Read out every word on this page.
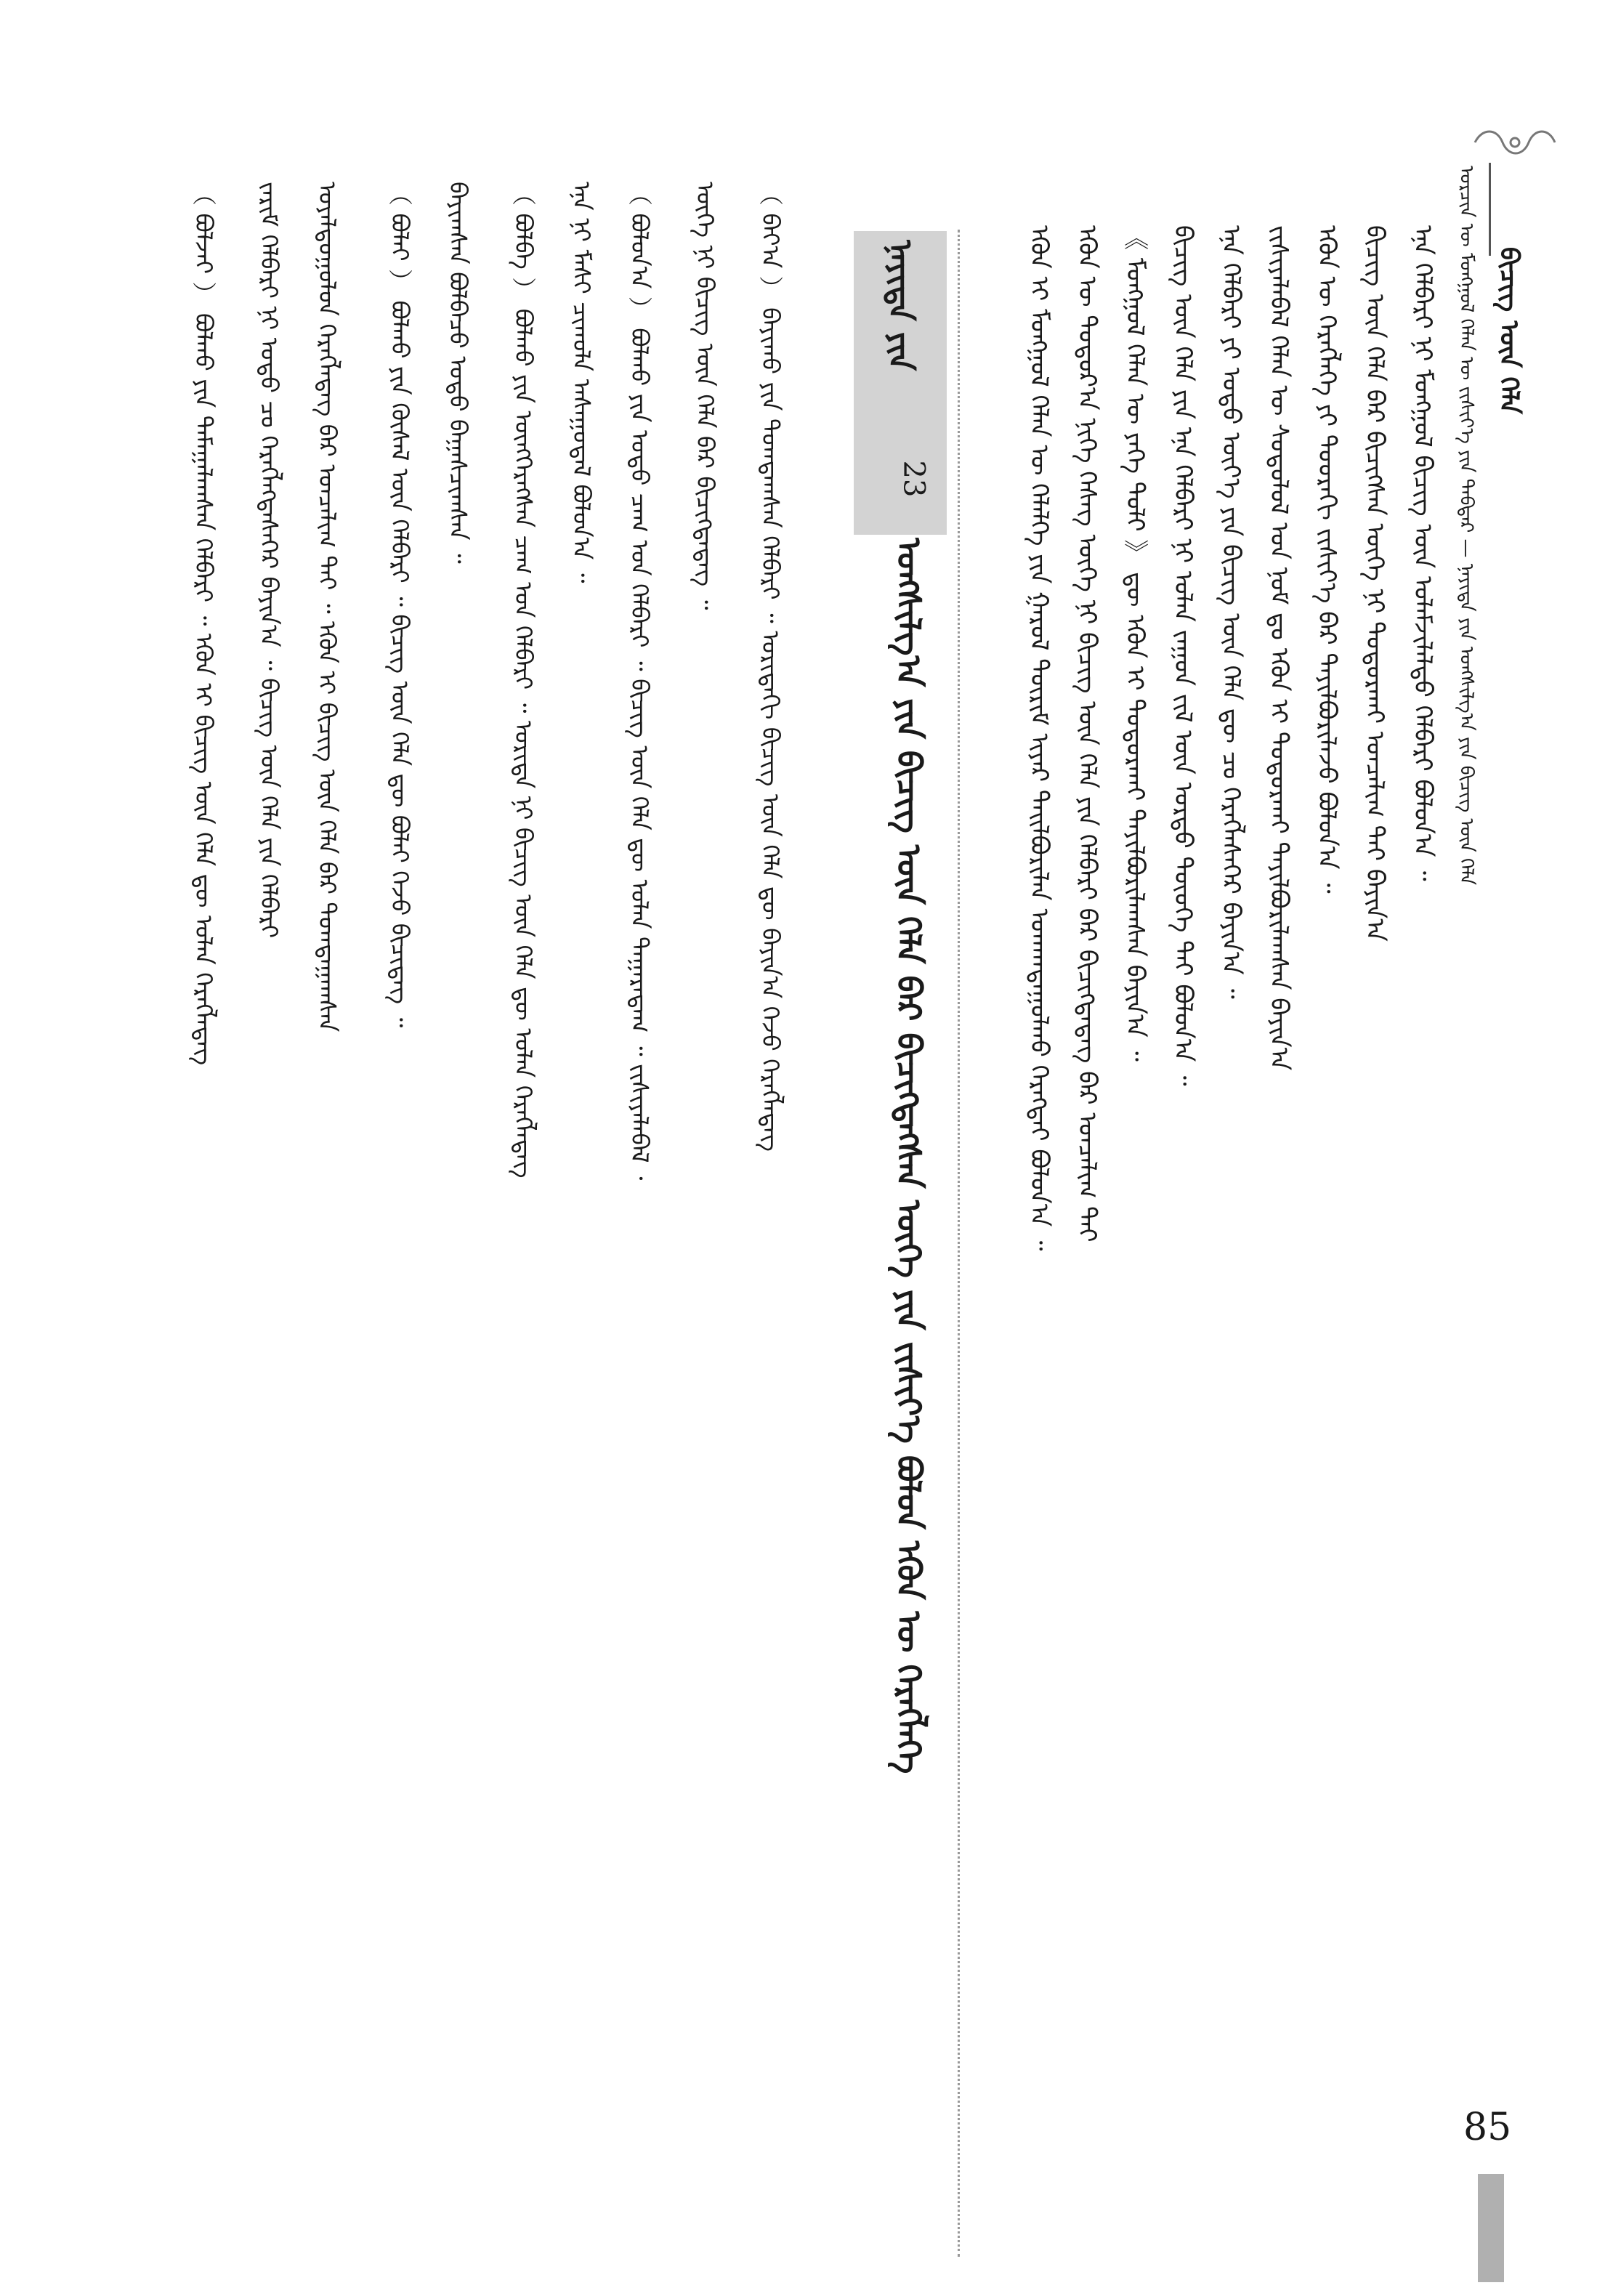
ᠣᠷᠴᠢᠨ ᠦ ᠮᠣᠩᠭᠣᠯ ᠬᠡᠯᠡᠨ ᠦ ᠵᠢᠱᠢᠶ᠎ᠡ ᠶᠢᠨ ᠳᠡᠪᠲᠡᠷ — ᠨᠡᠶᠢᠲᠡ ᠶᠢᠨ ᠤᠩᠰᠢᠯᠭ᠎ᠠ ᠶᠢᠨ ᠪᠢᠴᠢᠭ ᠦᠨ ᠬᠡᠯᠡ ᠪᠢᠴᠢᠭ ᠦᠨ ᠬᠡᠯᠡ
ᠡᠭᠦᠨ ᠢ ᠮᠣᠩᠭᠣᠯ ᠬᠡᠯᠡᠨ ᠦ ᠬᠡᠯᠡᠯᠭᠡ ᠶᠢᠨ ᠭᠠᠷᠤᠯ ᠳᠦᠷᠢᠮ ᠢᠶᠠᠷ ᠲᠠᠢᠯᠪᠤᠷᠢᠯᠠᠨ ᠤᠬᠠᠭᠳᠠᠭᠤᠯᠬᠤ ᠬᠡᠷᠡᠭᠲᠡᠢ ᠪᠣᠯᠤᠨ᠎ᠠ ᠃ ᠡᠭᠦᠨ ᠦ ᠳᠣᠲᠣᠷ᠎ᠠ ᠨᠢᠭᠡ ᠬᠡᠰᠡᠭ ᠦᠭᠡ ᠨᠢ ᠪᠢᠴᠢᠭ ᠦᠨ ᠬᠡᠯᠡ ᠶᠢᠨ ᠬᠡᠯᠪᠡᠷᠢ ᠪᠡᠷ ᠪᠢᠴᠢᠭᠳᠡᠳᠡᠭ ᠪᠡᠷ ᠣᠨᠴᠠᠯᠢᠭ ᠲᠠᠢ 《 ᠮᠣᠩᠭᠣᠯ ᠬᠡᠯᠡᠨ ᠦ ᠶᠡᠬᠡ ᠲᠣᠯᠢ 》 ᠳᠦ ᠡᠭᠦᠨ ᠢ ᠲᠣᠳᠣᠷᠬᠠᠢ ᠲᠠᠶᠢᠯᠪᠤᠷᠢᠯᠠᠭᠰᠠᠨ ᠪᠠᠶᠢᠨ᠎ᠠ ᠃ ᠪᠢᠴᠢᠭ ᠦᠨ ᠬᠡᠯᠡ ᠶᠢᠨ ᠡᠨᠡ ᠬᠡᠯᠪᠡᠷᠢ ᠨᠢ ᠣᠯᠠᠨ ᠵᠠᠭᠤᠨ ᠵᠢᠯ ᠦᠨ ᠤᠷᠲᠤ ᠲᠦᠦᠬᠡ ᠲᠡᠢ ᠪᠣᠯᠤᠨ᠎ᠠ ᠃ ᠡᠨᠡ ᠬᠡᠯᠪᠡᠷᠢ ᠶᠢ ᠣᠳᠣ ᠦᠶ᠎ᠡ ᠶᠢᠨ ᠪᠢᠴᠢᠭ ᠦᠨ ᠬᠡᠯᠡ ᠳᠦ ᠴᠤ ᠬᠡᠷᠡᠭᠯᠡᠰᠡᠭᠡᠷ ᠪᠠᠶᠢᠨ᠎ᠠ ᠃ ᠵᠢᠱᠢᠶᠡᠯᠡᠪᠡᠯ ᠬᠡᠯᠡᠨ ᠦ ᠰᠤᠳᠤᠯᠤᠯ ᠤᠨ ᠨᠣᠮ ᠳᠤ ᠡᠭᠦᠨ ᠢ ᠲᠣᠳᠣᠷᠬᠠᠢ ᠲᠠᠶᠢᠯᠪᠤᠷᠢᠯᠠᠭᠰᠠᠨ ᠪᠠᠶᠢᠨ᠎ᠠ ᠡᠭᠦᠨ ᠦ ᠬᠡᠷᠡᠭᠯᠡᠭᠡ ᠶᠢ ᠳᠣᠣᠷᠠᠬᠢ ᠵᠢᠱᠢᠶ᠎ᠡ ᠪᠡᠷ ᠲᠠᠶᠢᠯᠪᠤᠷᠢᠯᠠᠵᠤ ᠪᠣᠯᠤᠨ᠎ᠠ ᠃ ᠪᠢᠴᠢᠭ ᠦᠨ ᠬᠡᠯᠡ ᠪᠡᠷ ᠪᠢᠴᠢᠭᠰᠡᠨ ᠦᠭᠡ ᠨᠢ ᠲᠣᠳᠣᠷᠬᠠᠢ ᠣᠨᠴᠠᠯᠢᠭ ᠲᠠᠶ ᠪᠠᠶᠢᠨ᠎ᠠ ᠡᠨᠡ ᠬᠡᠯᠪᠡᠷᠢ ᠨᠢ ᠮᠣᠩᠭᠣᠯ ᠪᠢᠴᠢᠭ ᠦᠨ ᠤᠯᠠᠮᠵᠢᠯᠠᠯᠲᠤ ᠬᠡᠯᠪᠡᠷᠢ ᠪᠣᠯᠤᠨ᠎ᠠ ᠃
ᠨᠡᠶᠢᠲᠡ ᠶᠢᠨ
23
ᠤᠩᠰᠢᠯᠭ᠎ᠠ ᠶᠢᠨ ᠪᠢᠴᠢᠭ ᠦᠨ ᠬᠡᠯᠡ ᠪᠡᠷ ᠪᠢᠴᠢᠭᠳᠡᠭᠰᠡᠨ ᠦᠭᠡ ᠶᠢᠨ ᠵᠢᠱᠢᠶ᠎ᠡ ᠪᠣᠯᠤᠨ ᠡᠭᠦᠨ ᠦ ᠬᠡᠷᠡᠭᠯᠡᠭᠡ
（ ᠪᠣᠯᠵᠠᠢ ） ᠪᠣᠯᠬᠤ ᠶᠢᠨ ᠲᠠᠮᠠᠭᠠᠯᠠᠭᠰᠠᠨ ᠬᠡᠯᠪᠡᠷᠢ ᠃ ᠡᠭᠦᠨ ᠢ ᠪᠢᠴᠢᠭ ᠦᠨ ᠬᠡᠯᠡ ᠳᠦ ᠣᠯᠠᠨ ᠬᠡᠷᠡᠭᠯᠡᠳᠡᠭ	ᠵᠠᠷᠢᠮ ᠬᠡᠯᠪᠡᠷᠢ ᠨᠢ ᠣᠳᠣ ᠴᠤ ᠬᠡᠷᠡᠭᠯᠡᠭᠳᠡᠰᠡᠭᠡᠷ ᠪᠠᠶᠢᠨ᠎ᠠ ᠃ ᠪᠢᠴᠢᠭ ᠦᠨ ᠬᠡᠯᠡ ᠶᠢᠨ ᠬᠡᠯᠪᠡᠷᠢ	ᠤᠶᠠᠯᠳᠤᠭᠤᠯᠤᠨ ᠬᠡᠷᠡᠭᠯᠡᠳᠡᠭ ᠪᠡᠷ ᠣᠨᠴᠠᠯᠢᠭ ᠲᠠᠶ ᠃ ᠡᠭᠦᠨ ᠢ ᠪᠢᠴᠢᠭ ᠦᠨ ᠬᠡᠯᠡ ᠪᠡᠷ ᠲᠣᠭᠲᠠᠭᠠᠭᠰᠠᠨ	（ ᠪᠣᠯᠠᠢ ） ᠪᠣᠯᠬᠤ ᠶᠢᠨ ᠬᠦᠰᠡᠯ ᠦᠨ ᠬᠡᠯᠪᠡᠷᠢ ᠃ ᠪᠢᠴᠢᠭ ᠦᠨ ᠬᠡᠯᠡ ᠳᠦ ᠪᠣᠯᠠᠢ ᠭᠡᠵᠦ ᠪᠢᠴᠢᠳᠡᠭ ᠃	ᠪᠠᠶᠢᠭᠰᠠᠨ ᠪᠣᠯᠪᠠᠴᠤ ᠣᠳᠣ ᠪᠠᠭᠠᠰᠴᠢᠭᠰᠠᠨ ᠃	（ ᠪᠣᠯᠪᠠ ） ᠪᠣᠯᠬᠤ ᠶᠢᠨ ᠥᠩᠭᠡᠷᠡᠭᠰᠡᠨ ᠴᠠᠭ ᠤᠨ ᠬᠡᠯᠪᠡᠷᠢ ᠃ ᠤᠷᠢᠳᠠ ᠨᠢ ᠪᠢᠴᠢᠭ ᠦᠨ ᠬᠡᠯᠡ ᠳᠦ ᠣᠯᠠᠨ ᠬᠡᠷᠡᠭᠯᠡᠳᠡᠭ	ᠡᠨᠡ ᠨᠢ ᠮᠠᠰᠢ ᠴᠢᠬᠤᠯᠠ ᠠᠰᠠᠭᠤᠳᠠᠯ ᠪᠣᠯᠤᠨ᠎ᠠ ᠃	（ ᠪᠣᠯᠤᠨ᠎ᠠ ） ᠪᠣᠯᠬᠤ ᠶᠢᠨ ᠣᠳᠣ ᠴᠠᠭ ᠤᠨ ᠬᠡᠯᠪᠡᠷᠢ ᠃ ᠪᠢᠴᠢᠭ ᠦᠨ ᠬᠡᠯᠡ ᠳᠦ ᠣᠯᠠᠨ ᠲᠠᠭᠠᠷᠠᠳᠠᠭ ᠃ ᠵᠢᠱᠢᠶᠡᠯᠡᠪᠡᠯ ᠂	ᠦᠭᠡ ᠨᠢ ᠪᠢᠴᠢᠭ ᠦᠨ ᠬᠡᠯᠡ ᠪᠡᠷ ᠪᠢᠴᠢᠭᠳᠡᠳᠡᠭ ᠃	（ ᠪᠠᠶ᠎ᠠ ） ᠪᠠᠶᠢᠬᠤ ᠶᠢᠨ ᠲᠣᠭᠲᠠᠭᠰᠠᠨ ᠬᠡᠯᠪᠡᠷᠢ ᠃ ᠤᠷᠢᠳᠠᠬᠢ ᠪᠢᠴᠢᠭ ᠦᠨ ᠬᠡᠯᠡ ᠳᠦ ᠪᠠᠶᠢᠨ᠎ᠠ ᠭᠡᠵᠦ ᠬᠡᠷᠡᠭᠯᠡᠳᠡᠭ
85
